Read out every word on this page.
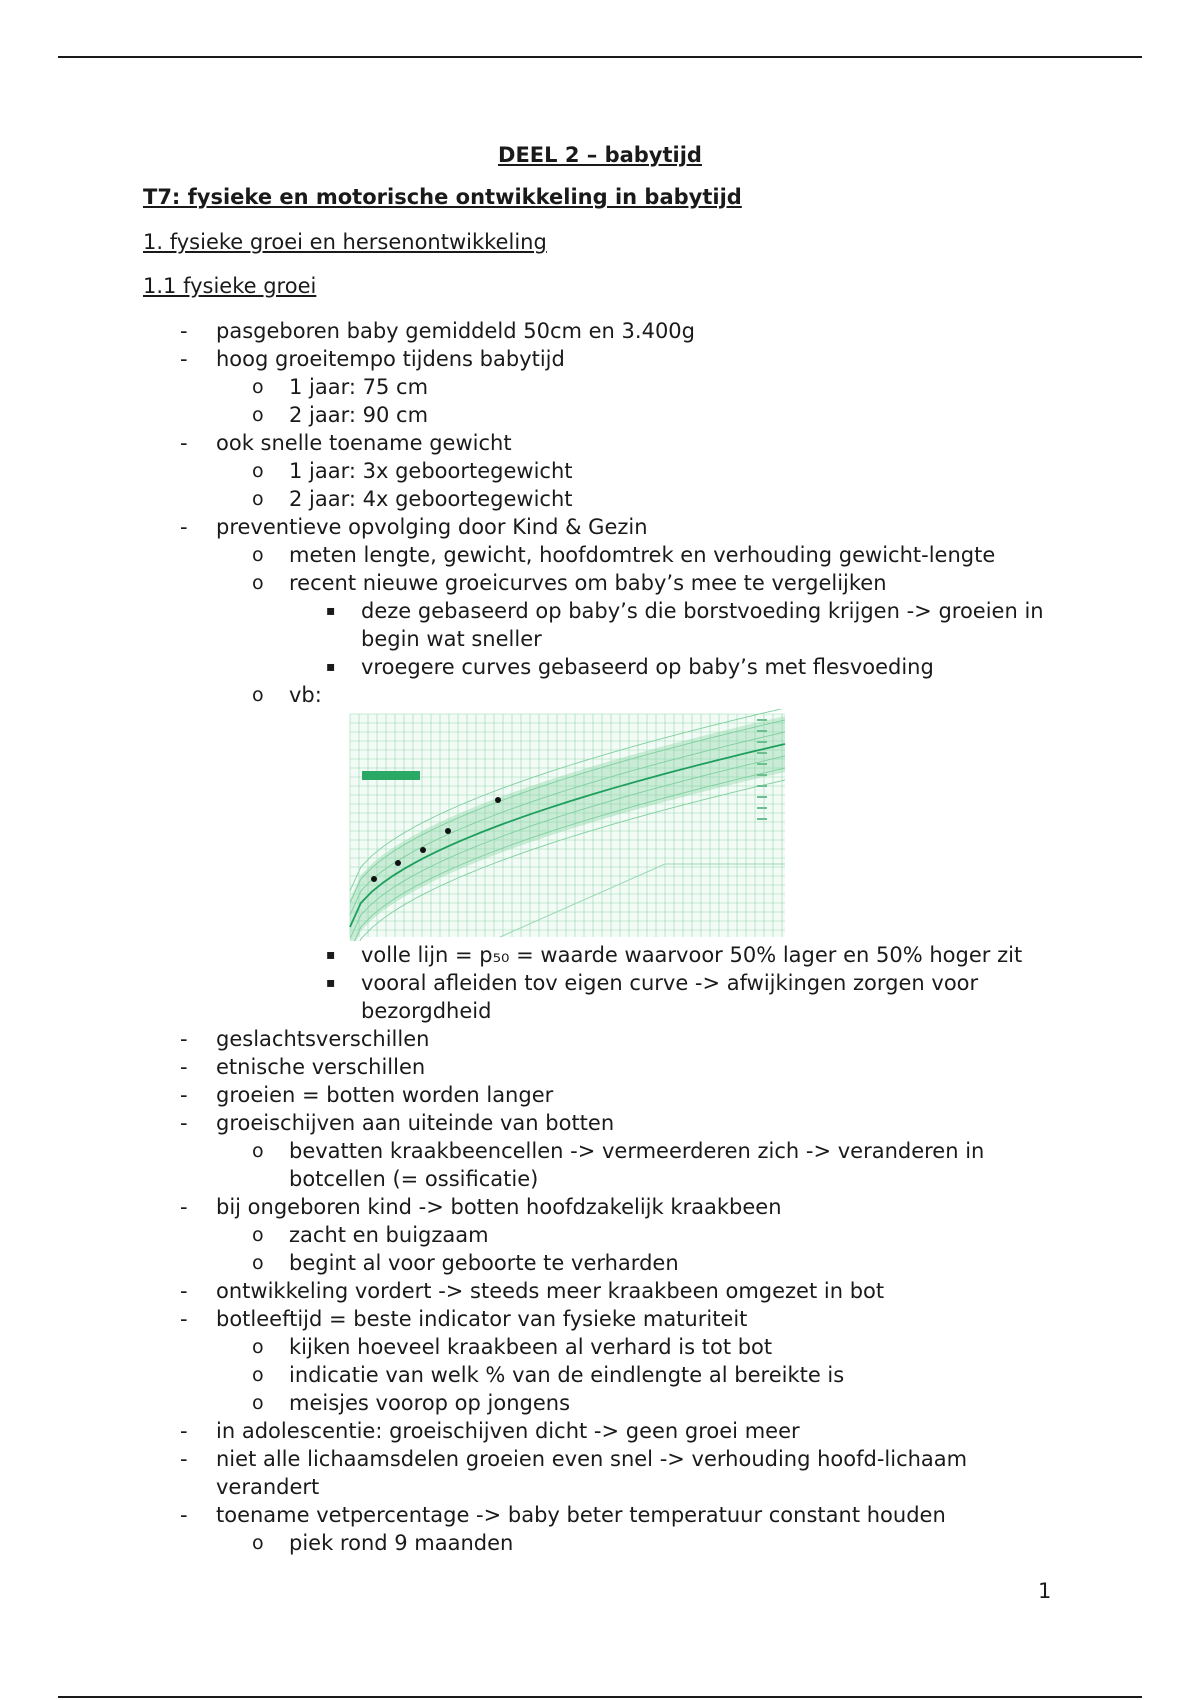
DEEL 2 – babytijd
T7: fysieke en motorische ontwikkeling in babytijd
1. fysieke groei en hersenontwikkeling
1.1 fysieke groei
- pasgeboren baby gemiddeld 50cm en 3.400g
- hoog groeitempo tijdens babytijd
o 1 jaar: 75 cm
o 2 jaar: 90 cm
- ook snelle toename gewicht
o 1 jaar: 3x geboortegewicht
o 2 jaar: 4x geboortegewicht
- preventieve opvolging door Kind & Gezin
o meten lengte, gewicht, hoofdomtrek en verhouding gewicht-lengte
o recent nieuwe groeicurves om baby’s mee te vergelijken
▪ deze gebaseerd op baby’s die borstvoeding krijgen -> groeien in begin wat sneller
▪ vroegere curves gebaseerd op baby’s met flesvoeding
o vb:
▪ volle lijn = p₅₀ = waarde waarvoor 50% lager en 50% hoger zit
▪ vooral afleiden tov eigen curve -> afwijkingen zorgen voor bezorgdheid
- geslachtsverschillen
- etnische verschillen
- groeien = botten worden langer
- groeischijven aan uiteinde van botten
o bevatten kraakbeencellen -> vermeerderen zich -> veranderen in botcellen (= ossificatie)
- bij ongeboren kind -> botten hoofdzakelijk kraakbeen
o zacht en buigzaam
o begint al voor geboorte te verharden
- ontwikkeling vordert -> steeds meer kraakbeen omgezet in bot
- botleeftijd = beste indicator van fysieke maturiteit
o kijken hoeveel kraakbeen al verhard is tot bot
o indicatie van welk % van de eindlengte al bereikte is
o meisjes voorop op jongens
- in adolescentie: groeischijven dicht -> geen groei meer
- niet alle lichaamsdelen groeien even snel -> verhouding hoofd-lichaam verandert
- toename vetpercentage -> baby beter temperatuur constant houden
o piek rond 9 maanden
1
